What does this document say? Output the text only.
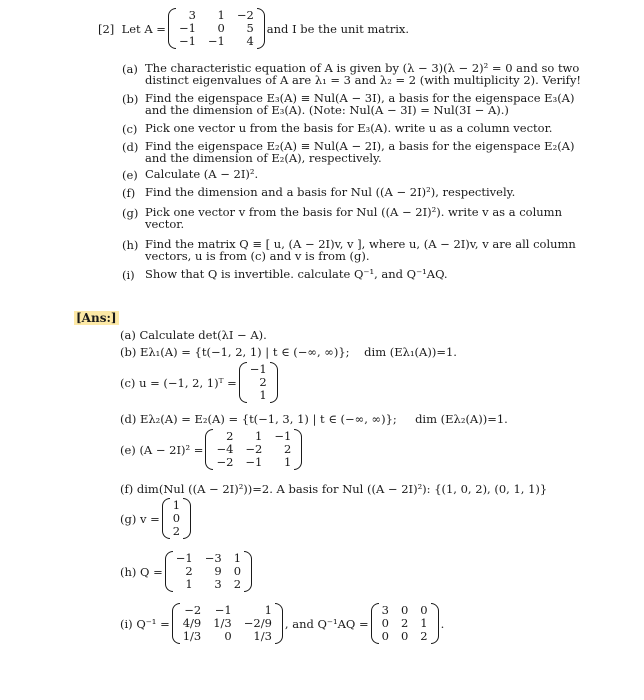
[2]
Let A =
3	1 −2
−1	0	5
−1 −1	4
and I be the unit matrix.
(a) The characteristic equation of A is given by (λ − 3)(λ − 2)² = 0 and so two
distinct eigenvalues of A are λ₁ = 3 and λ₂ = 2 (with multiplicity 2). Verify!
(b) Find the eigenspace E₃(A) ≡ Nul(A − 3I), a basis for the eigenspace E₃(A)
and the dimension of E₃(A). (Note: Nul(A − 3I) = Nul(3I − A).)
(c) Pick one vector u from the basis for E₃(A). write u as a column vector.
(d) Find the eigenspace E₂(A) ≡ Nul(A − 2I), a basis for the eigenspace E₂(A)
and the dimension of E₂(A), respectively.
(e) Calculate (A − 2I)².
(f) Find the dimension and a basis for Nul ((A − 2I)²), respectively.
(g) Pick one vector v from the basis for Nul ((A − 2I)²). write v as a column
vector.
(h) Find the matrix Q ≡ [ u, (A − 2I)v, v ], where u, (A − 2I)v, v are all column
vectors, u is from (c) and v is from (g).
(i) Show that Q is invertible. calculate Q⁻¹, and Q⁻¹AQ.
[Ans:]
(a) Calculate det(λI − A).
(b) Eλ₁(A) = {t(−1, 2, 1) | t ∈ (−∞, ∞)}; dim (Eλ₁(A))=1.
(c)
u = (−1, 2, 1)ᵀ =
−1
2
1
(d) Eλ₂(A) = E₂(A) = {t(−1, 3, 1) | t ∈ (−∞, ∞)}; dim (Eλ₂(A))=1.
(e)
(A − 2I)² =
2	1 −1
−4 −2	2
−2 −1	1
(f) dim(Nul ((A − 2I)²))=2. A basis for Nul ((A − 2I)²): {(1, 0, 2), (0, 1, 1)}
(g)
v =
1
0
2
(h)
Q =
−1 −3 1
2	9 0
1	3 2
(i)
Q⁻¹ =
−2 −1	1
4/9 1/3 −2/9
1/3	0	1/3
, and Q⁻¹AQ =
3 0 0
0 2 1
0 0 2
.
